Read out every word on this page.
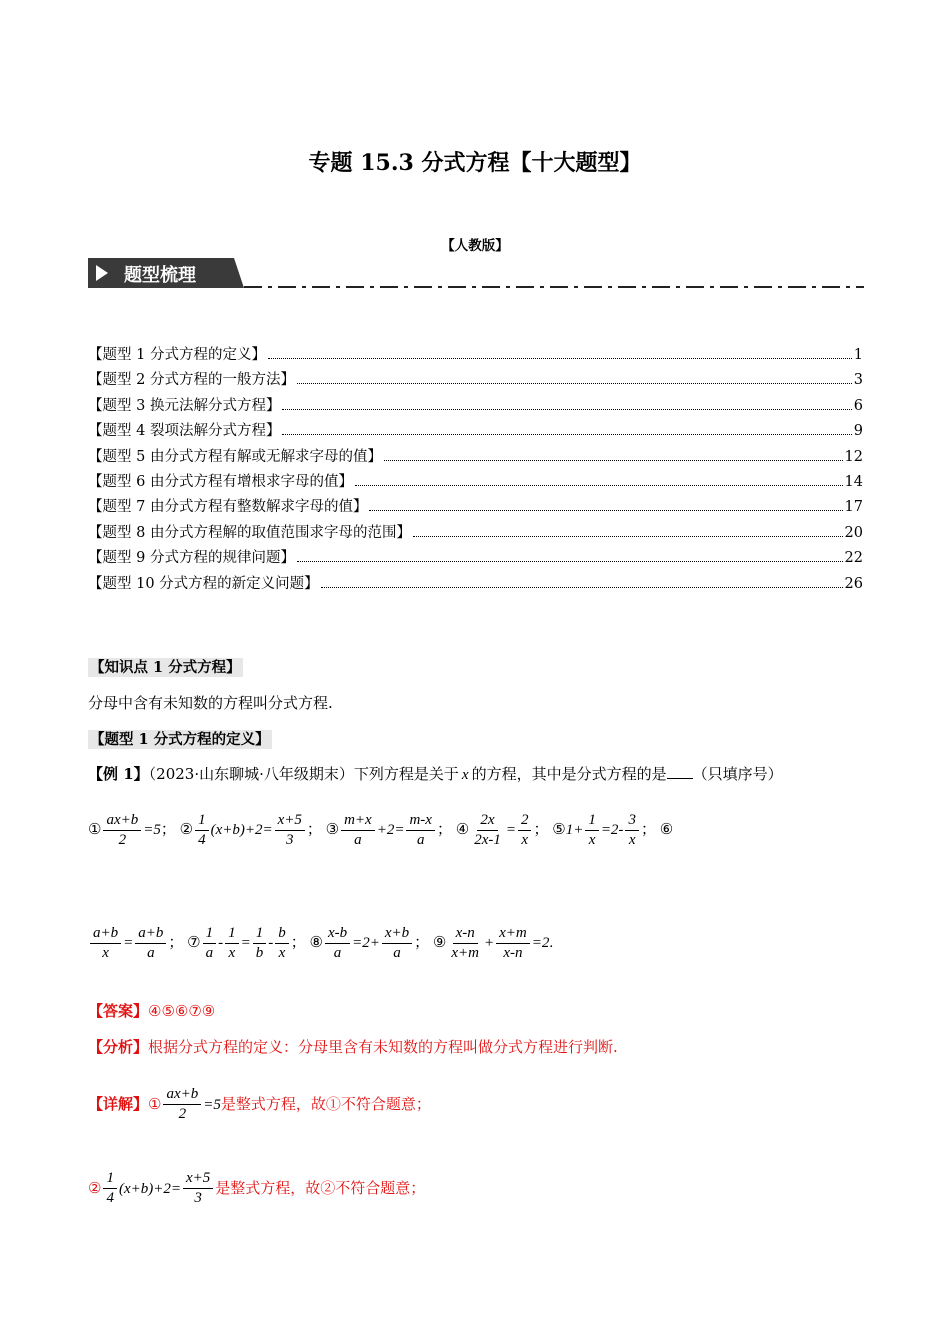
专题 15.3 分式方程【十大题型】
【人教版】
题型梳理
【题型 1 分式方程的定义】	1
【题型 2 分式方程的一般方法】	3
【题型 3 换元法解分式方程】	6
【题型 4 裂项法解分式方程】	9
【题型 5 由分式方程有解或无解求字母的值】	12
【题型 6 由分式方程有增根求字母的值】	14
【题型 7 由分式方程有整数解求字母的值】	17
【题型 8 由分式方程解的取值范围求字母的范围】	20
【题型 9 分式方程的规律问题】	22
【题型 10 分式方程的新定义问题】	26
【知识点 1 分式方程】
分母中含有未知数的方程叫分式方程.
【题型 1 分式方程的定义】
【例 1】（2023·山东聊城·八年级期末）下列方程是关于 x 的方程，其中是分式方程的是 （只填序号）
① $\frac{ax+b}{2} =5$； ② $\frac{1}{4} (x+b)+2= \frac{x+5}{3}$ ； ③ $\frac{m+x}{a} +2= \frac{m-x}{a}$ ； ④ $\frac{2x}{2x-1} = \frac{2}{x}$ ； ⑤1+ $\frac{1}{x} =2- \frac{3}{x}$ ； ⑥
$\frac{a+b}{x} = \frac{a+b}{a}$ ； ⑦ $\frac{1}{a} - \frac{1}{x} = \frac{1}{b} - \frac{b}{x}$ ； ⑧ $\frac{x-b}{a} =2+ \frac{x+b}{a}$ ； ⑨ $\frac{x-n}{x+m} + \frac{x+m}{x-n} =2$.
【答案】④⑤⑥⑦⑨
【分析】根据分式方程的定义：分母里含有未知数的方程叫做分式方程进行判断.
【详解】① $\frac{ax+b}{2} =5$是整式方程，故①不符合题意；
② $\frac{1}{4} (x+b)+2= \frac{x+5}{3}$ 是整式方程，故②不符合题意；
